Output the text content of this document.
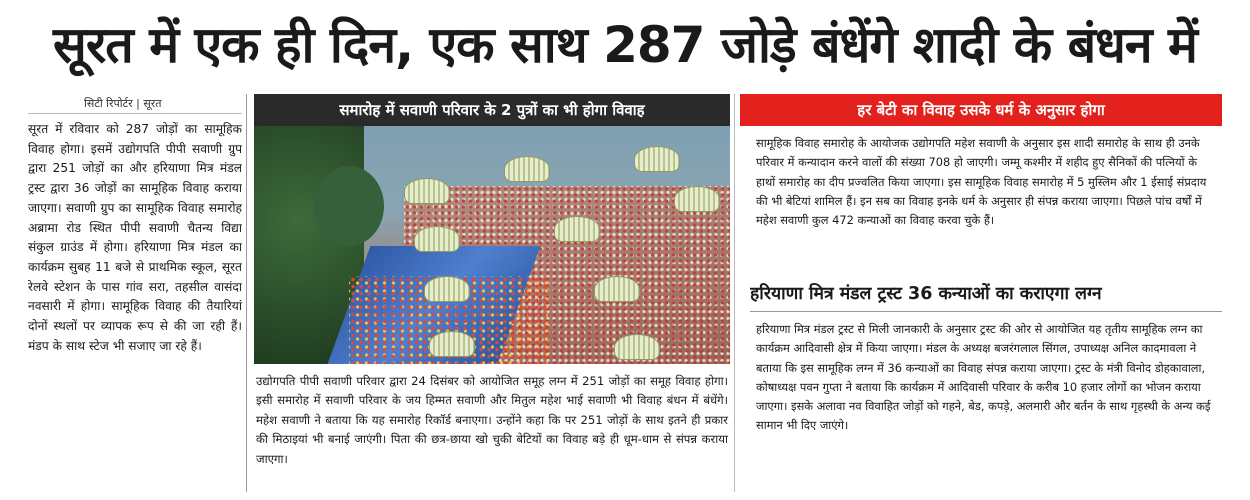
सूरत में एक ही दिन, एक साथ 287 जोड़े बंधेंगे शादी के बंधन में
सिटी रिपोर्टर | सूरत

सूरत में रविवार को 287 जोड़ों का सामूहिक विवाह होगा। इसमें उद्योगपति पीपी सवाणी ग्रुप द्वारा 251 जोड़ों का और हरियाणा मित्र मंडल ट्रस्ट द्वारा 36 जोड़ों का सामूहिक विवाह कराया जाएगा। सवाणी ग्रुप का सामूहिक विवाह समारोह अब्रामा रोड स्थित पीपी सवाणी चैतन्य विद्या संकुल ग्राउंड में होगा। हरियाणा मित्र मंडल का कार्यक्रम सुबह 11 बजे से प्राथमिक स्कूल, सूरत रेलवे स्टेशन के पास गांव सरा, तहसील वासंदा नवसारी में होगा। सामूहिक विवाह की तैयारियां दोनों स्थलों पर व्यापक रूप से की जा रही हैं। मंडप के साथ स्टेज भी सजाए जा रहे हैं।

समारोह में सवाणी परिवार के 2 पुत्रों का भी होगा विवाह

उद्योगपति पीपी सवाणी परिवार द्वारा 24 दिसंबर को आयोजित समूह लग्न में 251 जोड़ों का समूह विवाह होगा। इसी समारोह में सवाणी परिवार के जय हिम्मत सवाणी और मितुल महेश भाई सवाणी भी विवाह बंधन में बंधेंगे। महेश सवाणी ने बताया कि यह समारोह रिकॉर्ड बनाएगा। उन्होंने कहा कि पर 251 जोड़ों के साथ इतने ही प्रकार की मिठाइयां भी बनाई जाएंगी। पिता की छत्र-छाया खो चुकी बेटियों का विवाह बड़े ही धूम-धाम से संपन्न कराया जाएगा।

हर बेटी का विवाह उसके धर्म के अनुसार होगा

सामूहिक विवाह समारोह के आयोजक उद्योगपति महेश सवाणी के अनुसार इस शादी समारोह के साथ ही उनके परिवार में कन्यादान करने वालों की संख्या 708 हो जाएगी। जम्मू कश्मीर में शहीद हुए सैनिकों की पत्नियों के हाथों समारोह का दीप प्रज्वलित किया जाएगा। इस सामूहिक विवाह समारोह में 5 मुस्लिम और 1 ईसाई संप्रदाय की भी बेटियां शामिल हैं। इन सब का विवाह इनके धर्म के अनुसार ही संपन्न कराया जाएगा। पिछले पांच वर्षों में महेश सवाणी कुल 472 कन्याओं का विवाह करवा चुके हैं।

हरियाणा मित्र मंडल ट्रस्ट 36 कन्याओं का कराएगा लग्न

हरियाणा मित्र मंडल ट्रस्ट से मिली जानकारी के अनुसार ट्रस्ट की ओर से आयोजित यह तृतीय सामूहिक लग्न का कार्यक्रम आदिवासी क्षेत्र में किया जाएगा। मंडल के अध्यक्ष बजरंगलाल सिंगल, उपाध्यक्ष अनिल कादमावला ने बताया कि इस सामूहिक लग्न में 36 कन्याओं का विवाह संपन्न कराया जाएगा। ट्रस्ट के मंत्री विनोद डोहकावाला, कोषाध्यक्ष पवन गुप्ता ने बताया कि कार्यक्रम में आदिवासी परिवार के करीब 10 हजार लोगों का भोजन कराया जाएगा। इसके अलावा नव विवाहित जोड़ों को गहने, बेड, कपड़े, अलमारी और बर्तन के साथ गृहस्थी के अन्य कई सामान भी दिए जाएंगे।
